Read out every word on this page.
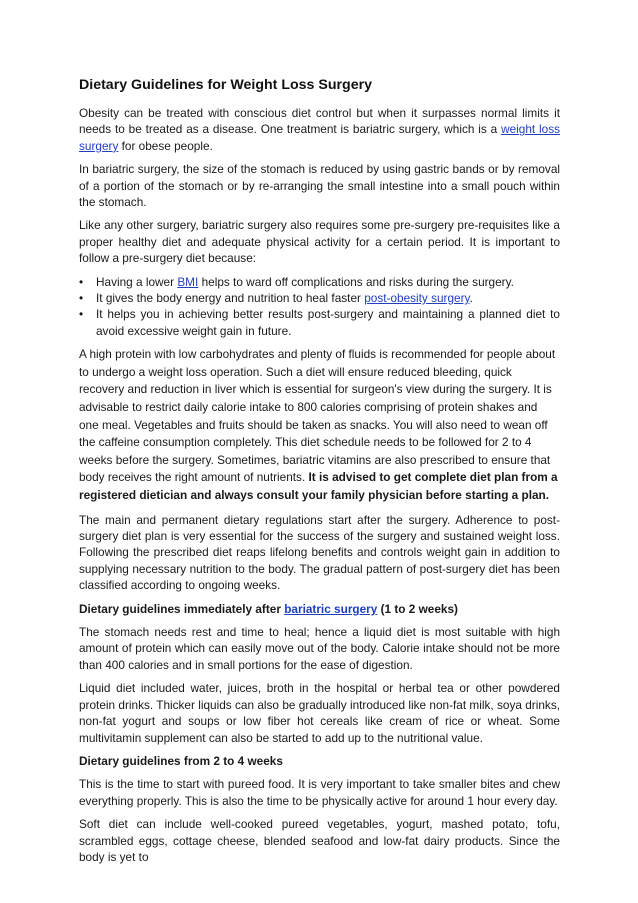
Dietary Guidelines for Weight Loss Surgery

Obesity can be treated with conscious diet control but when it surpasses normal limits it needs to be treated as a disease. One treatment is bariatric surgery, which is a weight loss surgery for obese people.

In bariatric surgery, the size of the stomach is reduced by using gastric bands or by removal of a portion of the stomach or by re-arranging the small intestine into a small pouch within the stomach.

Like any other surgery, bariatric surgery also requires some pre-surgery pre-requisites like a proper healthy diet and adequate physical activity for a certain period. It is important to follow a pre-surgery diet because:

•	Having a lower BMI helps to ward off complications and risks during the surgery.
•	It gives the body energy and nutrition to heal faster post-obesity surgery.
•	It helps you in achieving better results post-surgery and maintaining a planned diet to avoid excessive weight gain in future.

A high protein with low carbohydrates and plenty of fluids is recommended for people about to undergo a weight loss operation. Such a diet will ensure reduced bleeding, quick recovery and reduction in liver which is essential for surgeon's view during the surgery. It is advisable to restrict daily calorie intake to 800 calories comprising of protein shakes and one meal. Vegetables and fruits should be taken as snacks. You will also need to wean off the caffeine consumption completely. This diet schedule needs to be followed for 2 to 4 weeks before the surgery. Sometimes, bariatric vitamins are also prescribed to ensure that body receives the right amount of nutrients. It is advised to get complete diet plan from a registered dietician and always consult your family physician before starting a plan.

The main and permanent dietary regulations start after the surgery. Adherence to post-surgery diet plan is very essential for the success of the surgery and sustained weight loss. Following the prescribed diet reaps lifelong benefits and controls weight gain in addition to supplying necessary nutrition to the body. The gradual pattern of post-surgery diet has been classified according to ongoing weeks.

Dietary guidelines immediately after bariatric surgery (1 to 2 weeks)

The stomach needs rest and time to heal; hence a liquid diet is most suitable with high amount of protein which can easily move out of the body. Calorie intake should not be more than 400 calories and in small portions for the ease of digestion.

Liquid diet included water, juices, broth in the hospital or herbal tea or other powdered protein drinks. Thicker liquids can also be gradually introduced like non-fat milk, soya drinks, non-fat yogurt and soups or low fiber hot cereals like cream of rice or wheat. Some multivitamin supplement can also be started to add up to the nutritional value.

Dietary guidelines from 2 to 4 weeks

This is the time to start with pureed food. It is very important to take smaller bites and chew everything properly. This is also the time to be physically active for around 1 hour every day.

Soft diet can include well-cooked pureed vegetables, yogurt, mashed potato, tofu, scrambled eggs, cottage cheese, blended seafood and low-fat dairy products. Since the body is yet to
